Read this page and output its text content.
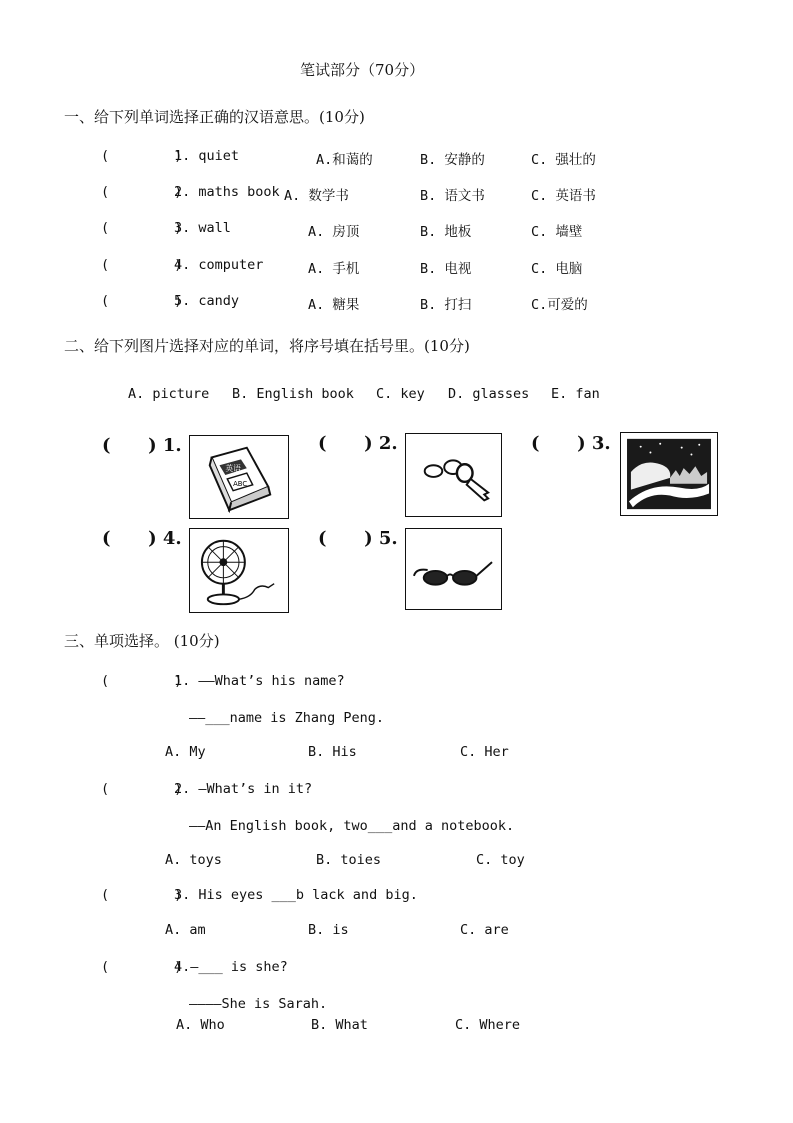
笔试部分（70分）
一、给下列单词选择正确的汉语意思。(10分)
(        )
1. quiet	A.和蔼的	B. 安静的	C. 强壮的
(        )
2. maths book A. 数学书	B. 语文书	C. 英语书
(        )
3. wall	A. 房顶	B. 地板	C. 墙壁
(        )
4. computer	A. 手机	B. 电视	C. 电脑
(        )
5. candy	A. 糖果	B. 打扫	C.可爱的
二、给下列图片选择对应的单词，将序号填在括号里。(10分)
A. picture B. English book C. key D. glasses E. fan
(      ) 1.	(      ) 2.	(      ) 3.
(      ) 4.	(      ) 5.
英语
ABC
三、单项选择。 (10分)
(        )
1. ——What’s his name?
——___name is Zhang Peng.
A. My	B. His	C. Her
(        )
2. —What’s in it?
——An English book, two___and a notebook.
A. toys	B. toies	C. toy
(        )
3. His eyes ___b lack and big.
A. am	B. is	C. are
(        )
4.—___ is she?
————She is Sarah.
A. Who	B. What	C. Where
